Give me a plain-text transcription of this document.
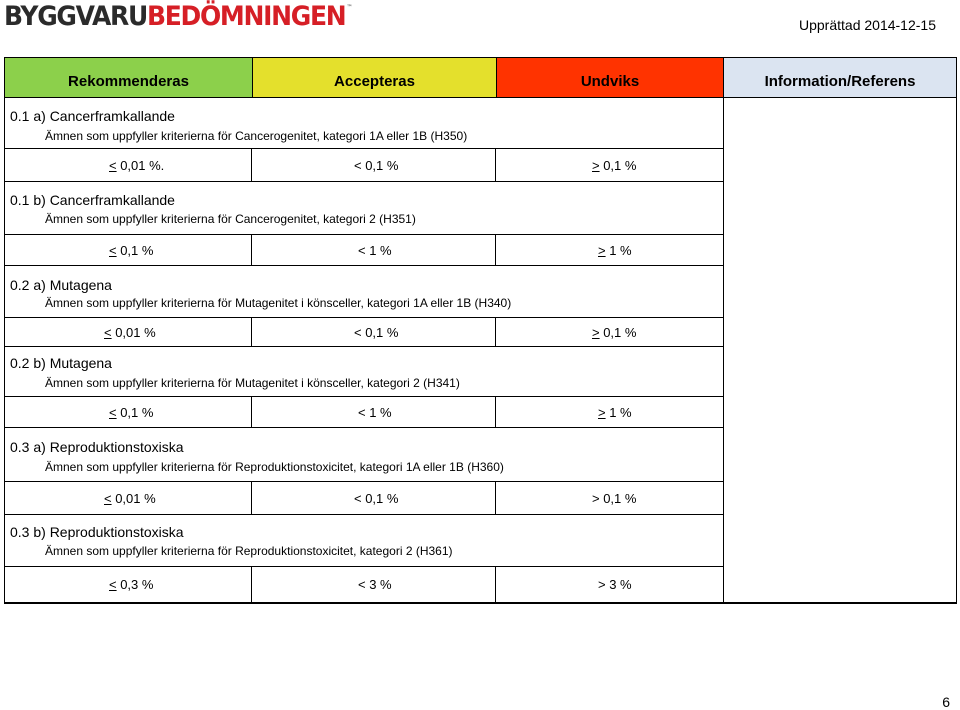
BYGGVARUBEDÖMNINGEN ™
Upprättad 2014-12-15
Rekommenderas	Accepteras	Undviks	Information/Referens
0.1 a) Cancerframkallande
Ämnen som uppfyller kriterierna för Cancerogenitet, kategori 1A eller 1B (H350)
≤ 0,01 %.	< 0,1 %	≥ 0,1 %
0.1 b) Cancerframkallande
Ämnen som uppfyller kriterierna för Cancerogenitet, kategori 2 (H351)
≤ 0,1 %	< 1 %	≥ 1 %
0.2 a) Mutagena
Ämnen som uppfyller kriterierna för Mutagenitet i könsceller, kategori 1A eller 1B (H340)
≤ 0,01 %	< 0,1 %	≥ 0,1 %
0.2 b) Mutagena
Ämnen som uppfyller kriterierna för Mutagenitet i könsceller, kategori 2 (H341)
≤ 0,1 %	< 1 %	≥ 1 %
0.3 a) Reproduktionstoxiska
Ämnen som uppfyller kriterierna för Reproduktionstoxicitet, kategori 1A eller 1B (H360)
≤ 0,01 %	< 0,1 %	> 0,1 %
0.3 b) Reproduktionstoxiska
Ämnen som uppfyller kriterierna för Reproduktionstoxicitet, kategori 2 (H361)
≤ 0,3 %	< 3 %	> 3 %
6
